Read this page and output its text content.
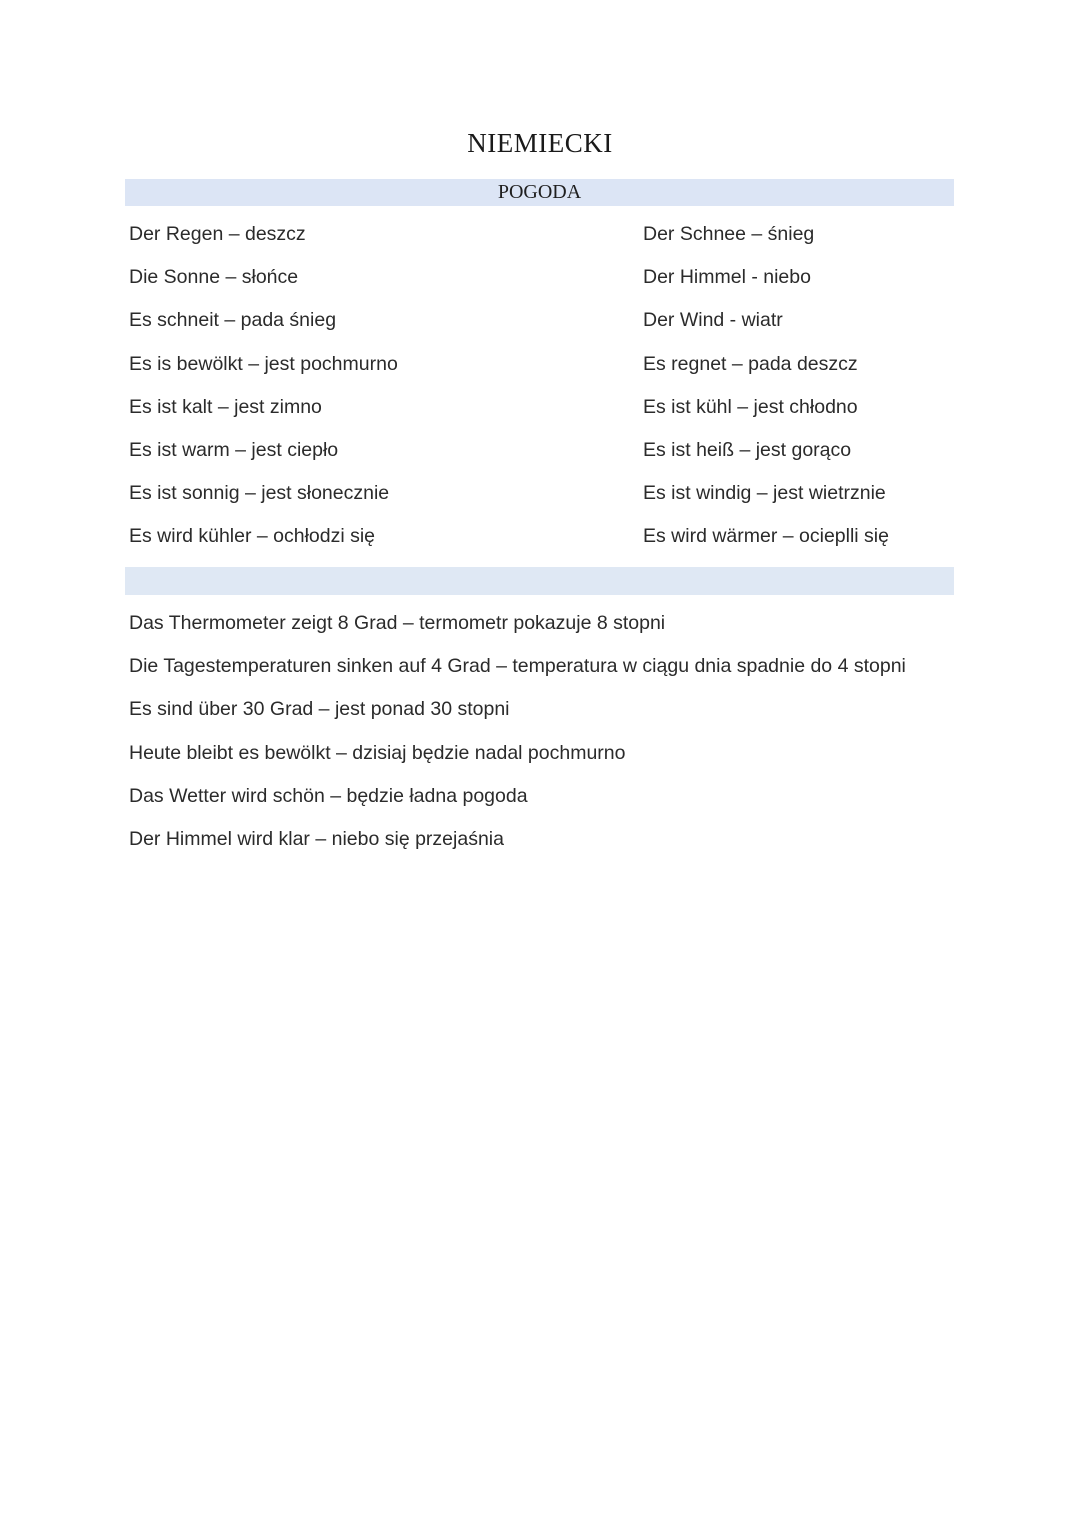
NIEMIECKI
POGODA
Der Regen – deszcz
Die Sonne – słońce
Es schneit – pada śnieg
Es is bewölkt – jest pochmurno
Es ist kalt – jest zimno
Es ist warm – jest ciepło
Es ist sonnig – jest słonecznie
Es wird kühler – ochłodzi się
Der Schnee – śnieg
Der Himmel - niebo
Der Wind - wiatr
Es regnet – pada deszcz
Es ist kühl – jest chłodno
Es ist heiß – jest gorąco
Es ist windig – jest wietrznie
Es wird wärmer – ocieplli się
Das Thermometer zeigt 8 Grad – termometr pokazuje 8 stopni
Die Tagestemperaturen sinken auf 4 Grad – temperatura w ciągu dnia spadnie do 4 stopni
Es sind über 30 Grad – jest ponad 30 stopni
Heute bleibt es bewölkt – dzisiaj będzie nadal pochmurno
Das Wetter wird schön – będzie ładna pogoda
Der Himmel wird klar – niebo się przejaśnia
